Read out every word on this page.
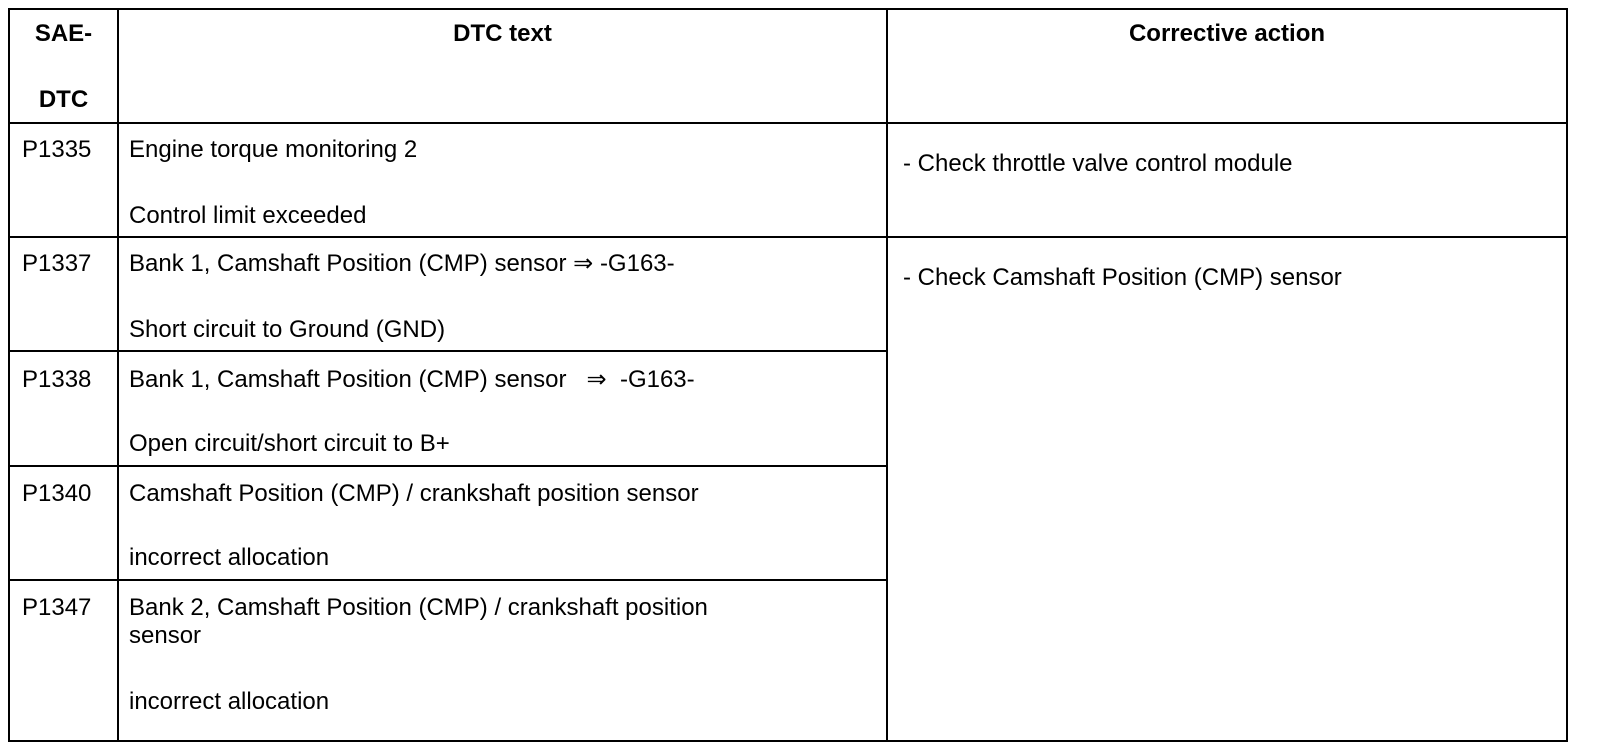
SAE-
DTC
DTC text	Corrective action
P1335 Engine torque monitoring 2
Control limit exceeded
P1337 Bank 1, Camshaft Position (CMP) sensor ⇒ -G163-
Short circuit to Ground (GND)
P1338 Bank 1, Camshaft Position (CMP) sensor   ⇒  -G163-
Open circuit/short circuit to B+
P1340 Camshaft Position (CMP) / crankshaft position sensor
incorrect allocation
P1347 Bank 2, Camshaft Position (CMP) / crankshaft position
sensor
incorrect allocation
- Check throttle valve control module
- Check Camshaft Position (CMP) sensor
